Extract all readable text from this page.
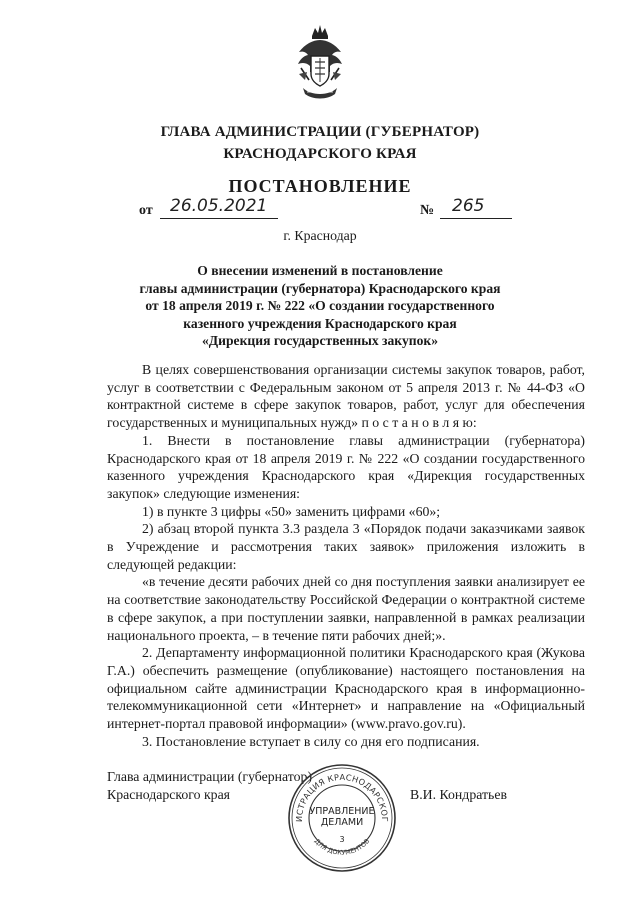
ГЛАВА АДМИНИСТРАЦИИ (ГУБЕРНАТОР)
КРАСНОДАРСКОГО КРАЯ
ПОСТАНОВЛЕНИЕ
от 26.05.2021	№ 265
г. Краснодар
О внесении изменений в постановление
главы администрации (губернатора) Краснодарского края
от 18 апреля 2019 г. № 222 «О создании государственного
казенного учреждения Краснодарского края
«Дирекция государственных закупок»

В целях совершенствования организации системы закупок товаров, работ, услуг в соответствии с Федеральным законом от 5 апреля 2013 г. № 44-ФЗ «О контрактной системе в сфере закупок товаров, работ, услуг для обеспечения государственных и муниципальных нужд» п о с т а н о в л я ю:

1. Внести в постановление главы администрации (губернатора) Краснодарского края от 18 апреля 2019 г. № 222 «О создании государственного казенного учреждения Краснодарского края «Дирекция государственных закупок» следующие изменения:

1) в пункте 3 цифры «50» заменить цифрами «60»;

2) абзац второй пункта 3.3 раздела 3 «Порядок подачи заказчиками заявок в Учреждение и рассмотрения таких заявок» приложения изложить в следующей редакции:

«в течение десяти рабочих дней со дня поступления заявки анализирует ее на соответствие законодательству Российской Федерации о контрактной системе в сфере закупок, а при поступлении заявки, направленной в рамках реализации национального проекта, – в течение пяти рабочих дней;».

2. Департаменту информационной политики Краснодарского края (Жукова Г.А.) обеспечить размещение (опубликование) настоящего постановления на официальном сайте администрации Краснодарского края в информационно-телекоммуникационной сети «Интернет» и направление на «Официальный интернет-портал правовой информации» (www.pravo.gov.ru).

3. Постановление вступает в силу со дня его подписания.

Глава администрации (губернатор)
Краснодарского края	В.И. Кондратьев
ИСТРАЦИЯ КРАСНОДАРСКОГ
ДЛЯ ДОКУМЕНТОВ
УПРАВЛЕНИЕ
ДЕЛАМИ
3
